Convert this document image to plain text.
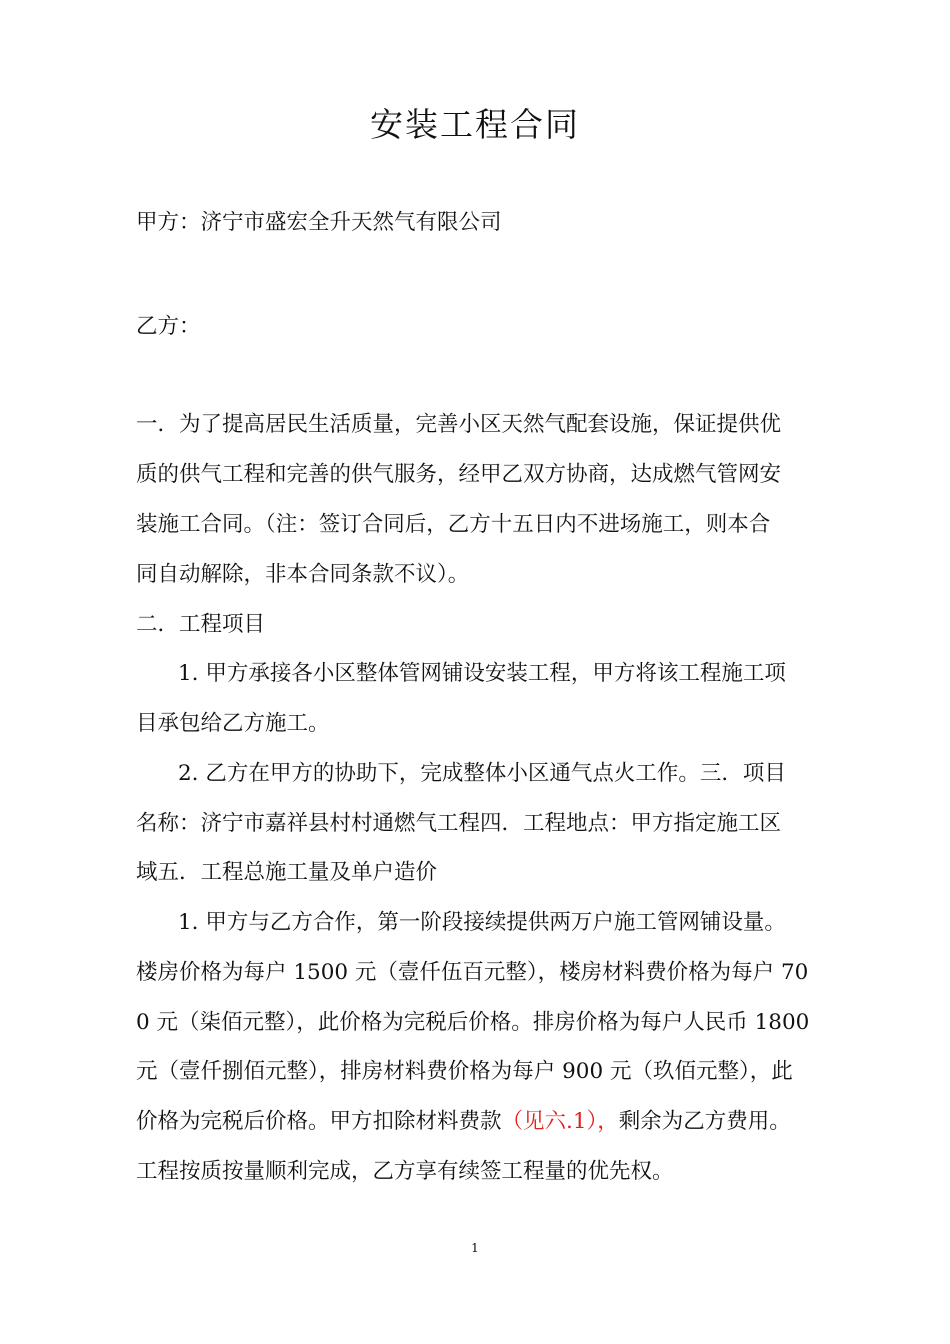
安装工程合同
甲方：济宁市盛宏全升天然气有限公司
乙方：
一．为了提高居民生活质量，完善小区天然气配套设施，保证提供优
质的供气工程和完善的供气服务，经甲乙双方协商，达成燃气管网安
装施工合同。（注：签订合同后，乙方十五日内不进场施工，则本合
同自动解除，非本合同条款不议）。
二．工程项目
1. 甲方承接各小区整体管网铺设安装工程，甲方将该工程施工项
目承包给乙方施工。
2. 乙方在甲方的协助下，完成整体小区通气点火工作。三．项目
名称：济宁市嘉祥县村村通燃气工程四．工程地点：甲方指定施工区
域五．工程总施工量及单户造价
1. 甲方与乙方合作，第一阶段接续提供两万户施工管网铺设量。
楼房价格为每户 1500 元（壹仟伍百元整），楼房材料费价格为每户 70
0 元（柒佰元整），此价格为完税后价格。排房价格为每户人民币 1800
元（壹仟捌佰元整），排房材料费价格为每户 900 元（玖佰元整），此
价格为完税后价格。甲方扣除材料费款（见六.1），剩余为乙方费用。
工程按质按量顺利完成，乙方享有续签工程量的优先权。
1
